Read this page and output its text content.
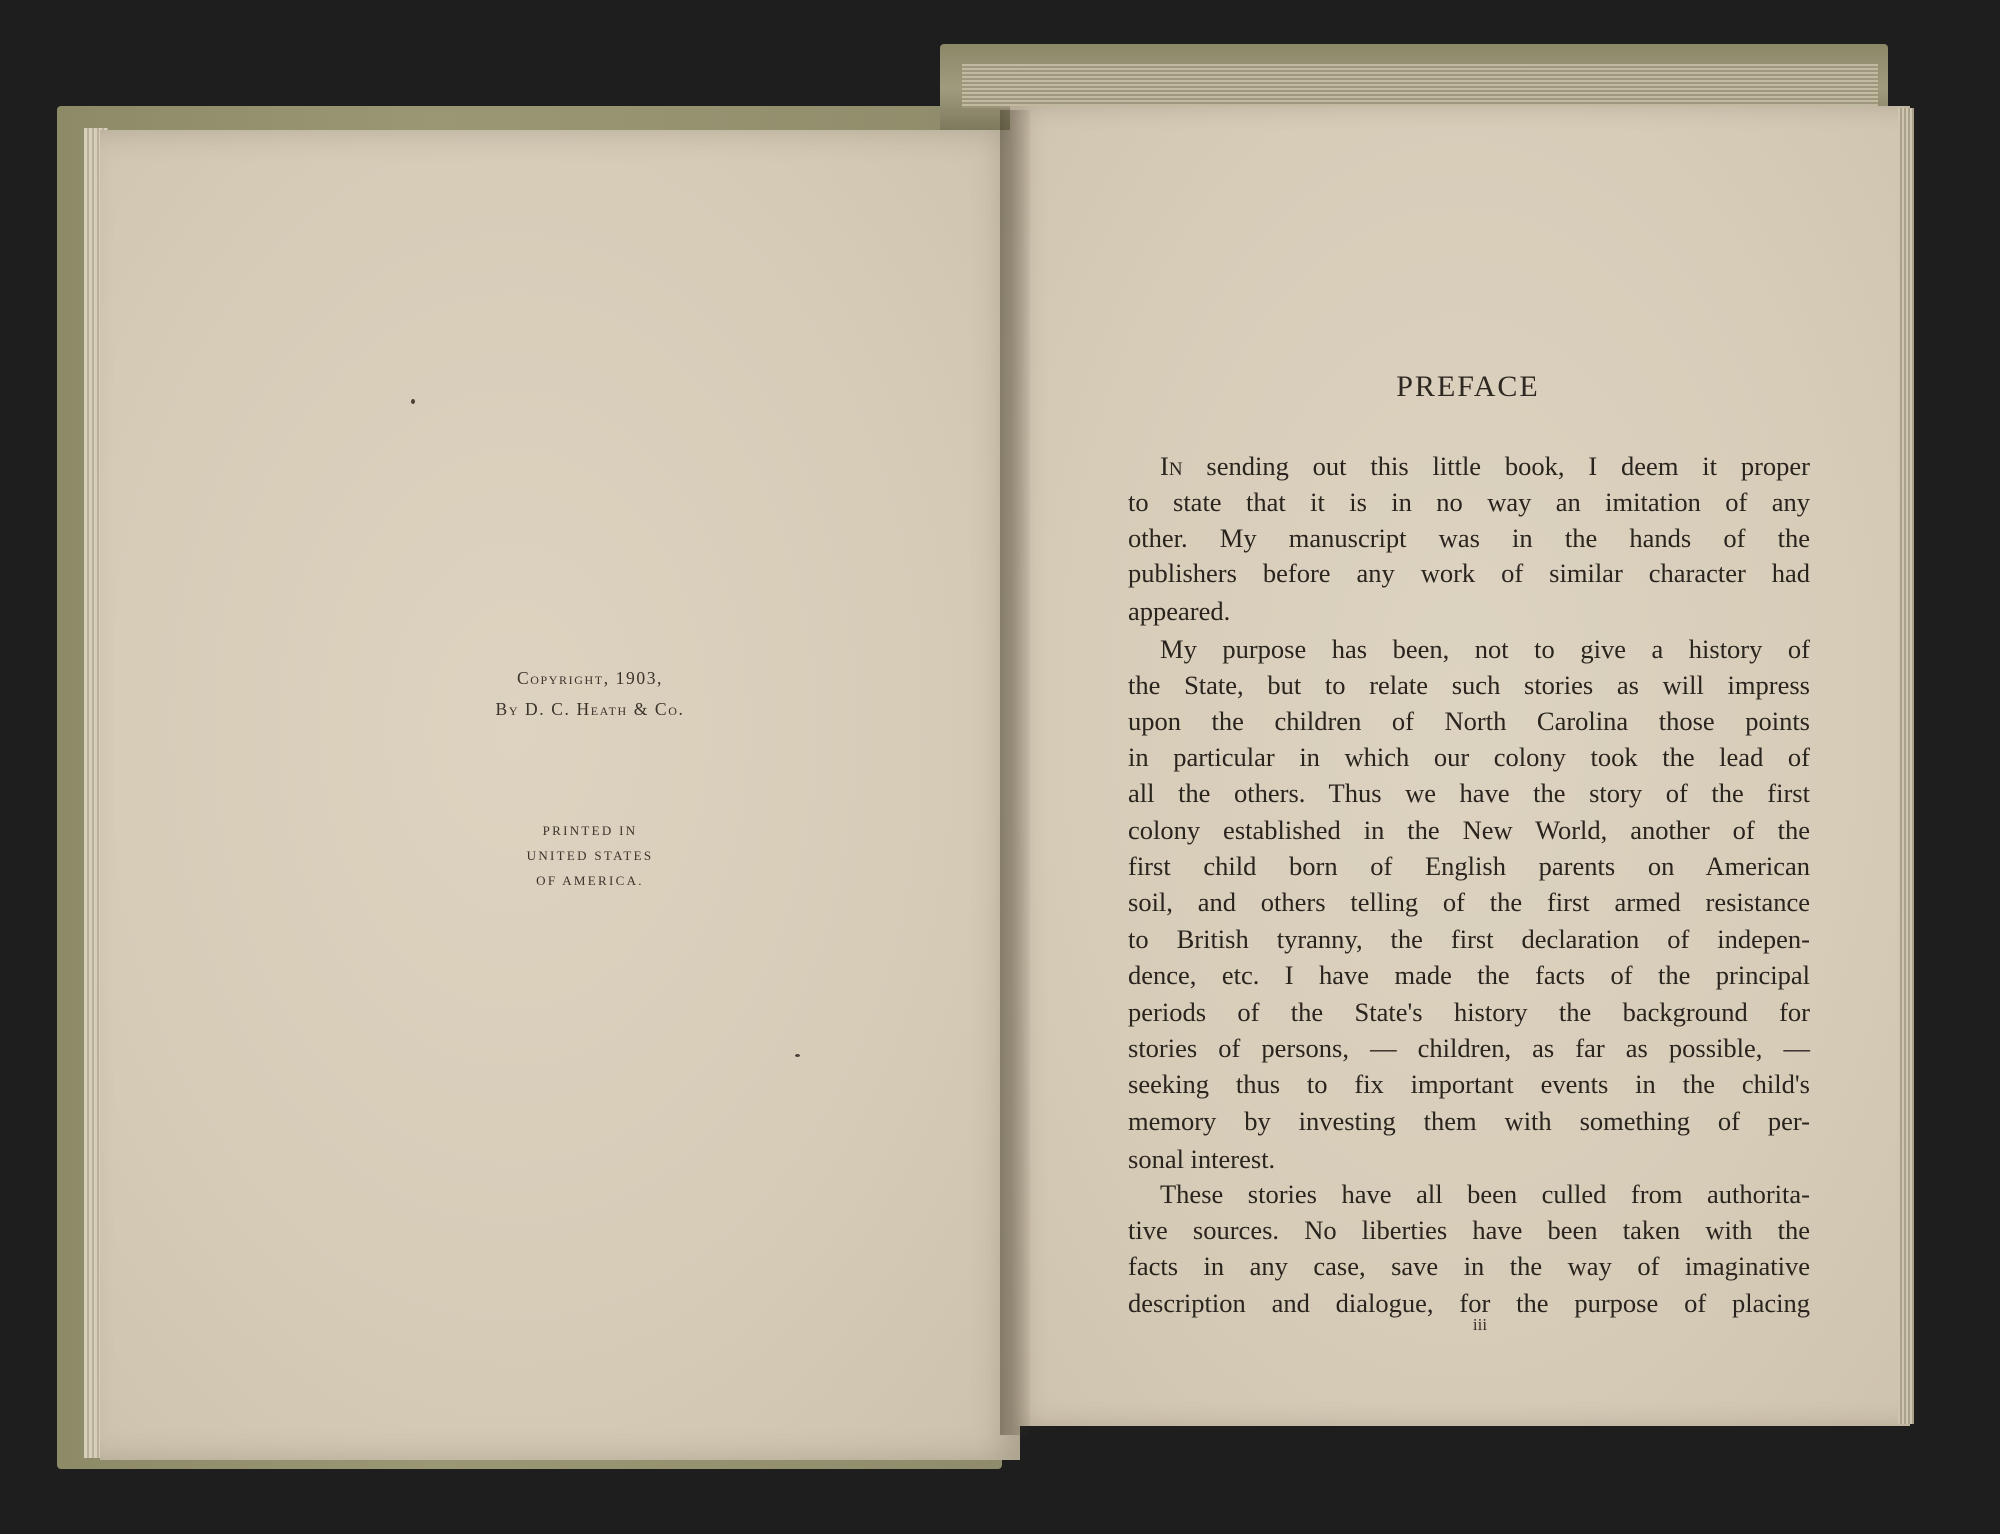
Copyright, 1903,
By D. C. Heath & Co.
PRINTED IN
UNITED STATES
OF AMERICA.
PREFACE
In sending out this little book, I deem it proper
to state that it is in no way an imitation of any
other. My manuscript was in the hands of the
publishers before any work of similar character had
appeared.
My purpose has been, not to give a history of
the State, but to relate such stories as will impress
upon the children of North Carolina those points
in particular in which our colony took the lead of
all the others. Thus we have the story of the first
colony established in the New World, another of the
first child born of English parents on American
soil, and others telling of the first armed resistance
to British tyranny, the first declaration of indepen-
dence, etc. I have made the facts of the principal
periods of the State's history the background for
stories of persons, — children, as far as possible, —
seeking thus to fix important events in the child's
memory by investing them with something of per-
sonal interest.
These stories have all been culled from authorita-
tive sources. No liberties have been taken with the
facts in any case, save in the way of imaginative
description and dialogue, for the purpose of placing
iii
